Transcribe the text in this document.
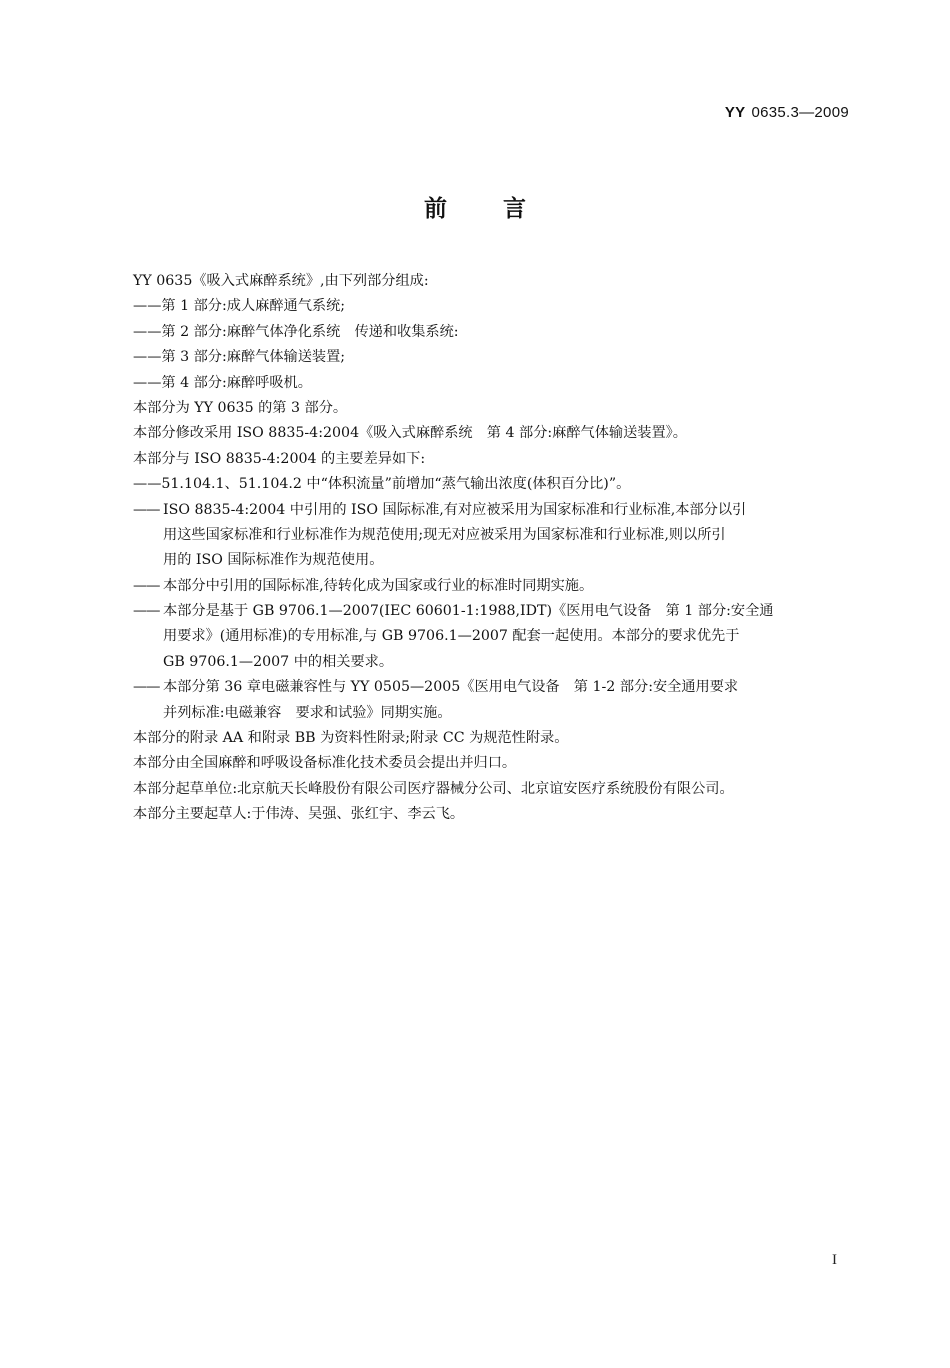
YY 0635.3—2009
前言
YY 0635《吸入式麻醉系统》,由下列部分组成:
——第 1 部分:成人麻醉通气系统;
——第 2 部分:麻醉气体净化系统　传递和收集系统:
——第 3 部分:麻醉气体输送装置;
——第 4 部分:麻醉呼吸机。
本部分为 YY 0635 的第 3 部分。
本部分修改采用 ISO 8835-4:2004《吸入式麻醉系统　第 4 部分:麻醉气体输送装置》。
本部分与 ISO 8835-4:2004 的主要差异如下:
——51.104.1、51.104.2 中“体积流量”前增加“蒸气输出浓度(体积百分比)”。
—— ISO 8835-4:2004 中引用的 ISO 国际标准,有对应被采用为国家标准和行业标准,本部分以引
用这些国家标准和行业标准作为规范使用;现无对应被采用为国家标准和行业标准,则以所引
用的 ISO 国际标准作为规范使用。
—— 本部分中引用的国际标准,待转化成为国家或行业的标准时同期实施。
—— 本部分是基于 GB 9706.1—2007(IEC 60601-1:1988,IDT)《医用电气设备　第 1 部分:安全通
用要求》(通用标准)的专用标准,与 GB 9706.1—2007 配套一起使用。本部分的要求优先于
GB 9706.1—2007 中的相关要求。
—— 本部分第 36 章电磁兼容性与 YY 0505—2005《医用电气设备　第 1-2 部分:安全通用要求
并列标准:电磁兼容　要求和试验》同期实施。
本部分的附录 AA 和附录 BB 为资料性附录;附录 CC 为规范性附录。
本部分由全国麻醉和呼吸设备标准化技术委员会提出并归口。
本部分起草单位:北京航天长峰股份有限公司医疗器械分公司、北京谊安医疗系统股份有限公司。
本部分主要起草人:于伟涛、吴强、张红宇、李云飞。
I
